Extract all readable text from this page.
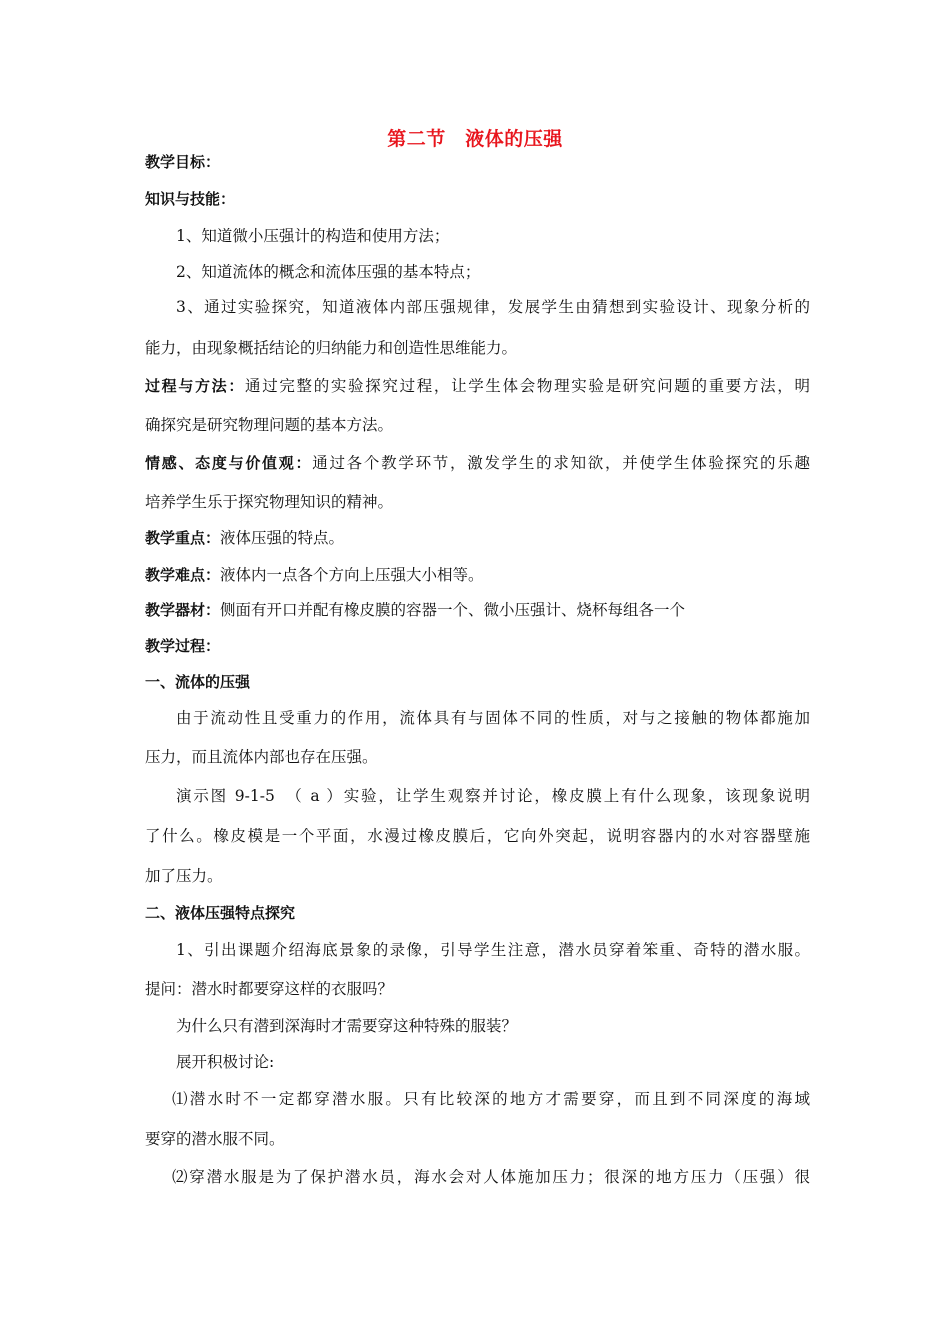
第二节　液体的压强
教学目标：
知识与技能：
1、知道微小压强计的构造和使用方法；
2、知道流体的概念和流体压强的基本特点；
3、通过实验探究，知道液体内部压强规律，发展学生由猜想到实验设计、现象分析的
能力，由现象概括结论的归纳能力和创造性思维能力。
过程与方法：通过完整的实验探究过程，让学生体会物理实验是研究问题的重要方法，明
确探究是研究物理问题的基本方法。
情感、态度与价值观：通过各个教学环节，激发学生的求知欲，并使学生体验探究的乐趣
培养学生乐于探究物理知识的精神。
教学重点：液体压强的特点。
教学难点：液体内一点各个方向上压强大小相等。
教学器材：侧面有开口并配有橡皮膜的容器一个、微小压强计、烧杯每组各一个
教学过程：
一、流体的压强
由于流动性且受重力的作用，流体具有与固体不同的性质，对与之接触的物体都施加
压力，而且流体内部也存在压强。
演示图 9-1-5　（ a ）实验，让学生观察并讨论，橡皮膜上有什么现象，该现象说明
了什么。橡皮模是一个平面，水漫过橡皮膜后，它向外突起，说明容器内的水对容器壁施
加了压力。
二、液体压强特点探究
1、引出课题介绍海底景象的录像，引导学生注意，潜水员穿着笨重、奇特的潜水服。
提问：潜水时都要穿这样的衣服吗？
为什么只有潜到深海时才需要穿这种特殊的服装？
展开积极讨论:
⑴潜水时不一定都穿潜水服。只有比较深的地方才需要穿，而且到不同深度的海域
要穿的潜水服不同。
⑵穿潜水服是为了保护潜水员，海水会对人体施加压力；很深的地方压力（压强）很
